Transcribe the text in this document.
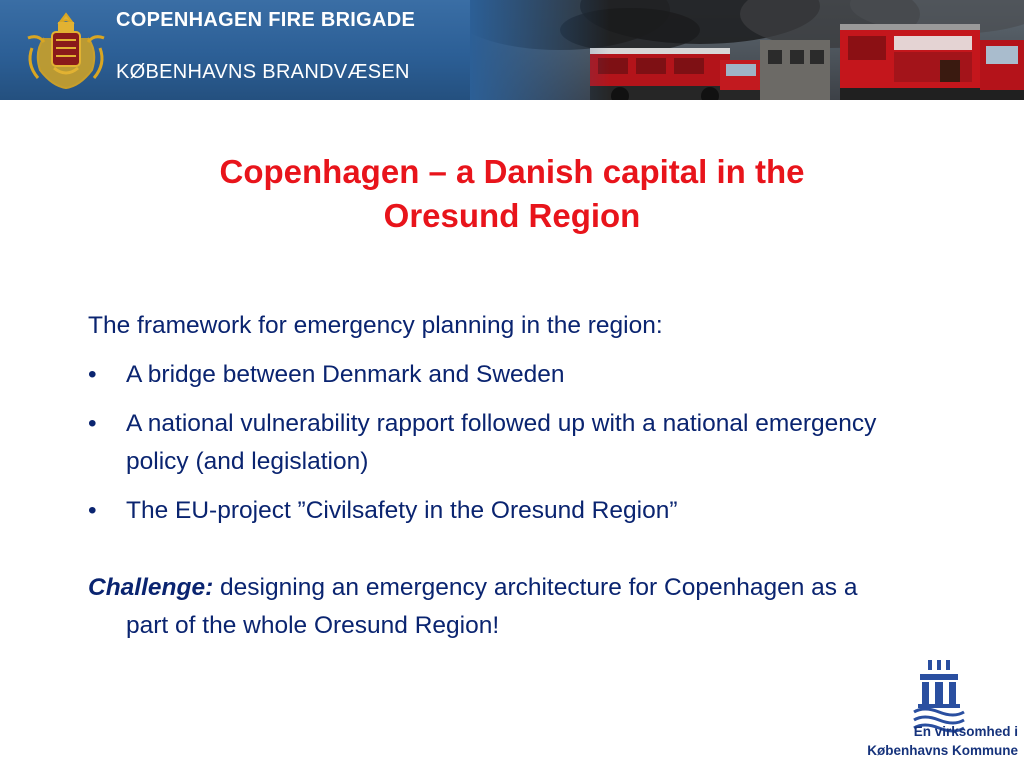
COPENHAGEN FIRE BRIGADE
KØBENHAVNS BRANDVÆSEN
Copenhagen – a Danish capital in the
Oresund Region

The framework for emergency planning in the region:

•	A bridge between Denmark and Sweden
•	A national vulnerability rapport followed up with a national emergency policy (and legislation)
•	The EU-project ”Civilsafety in the Oresund Region”

Challenge: designing an emergency architecture for Copenhagen as a part of the whole Oresund Region!

En virksomhed i
Københavns Kommune
